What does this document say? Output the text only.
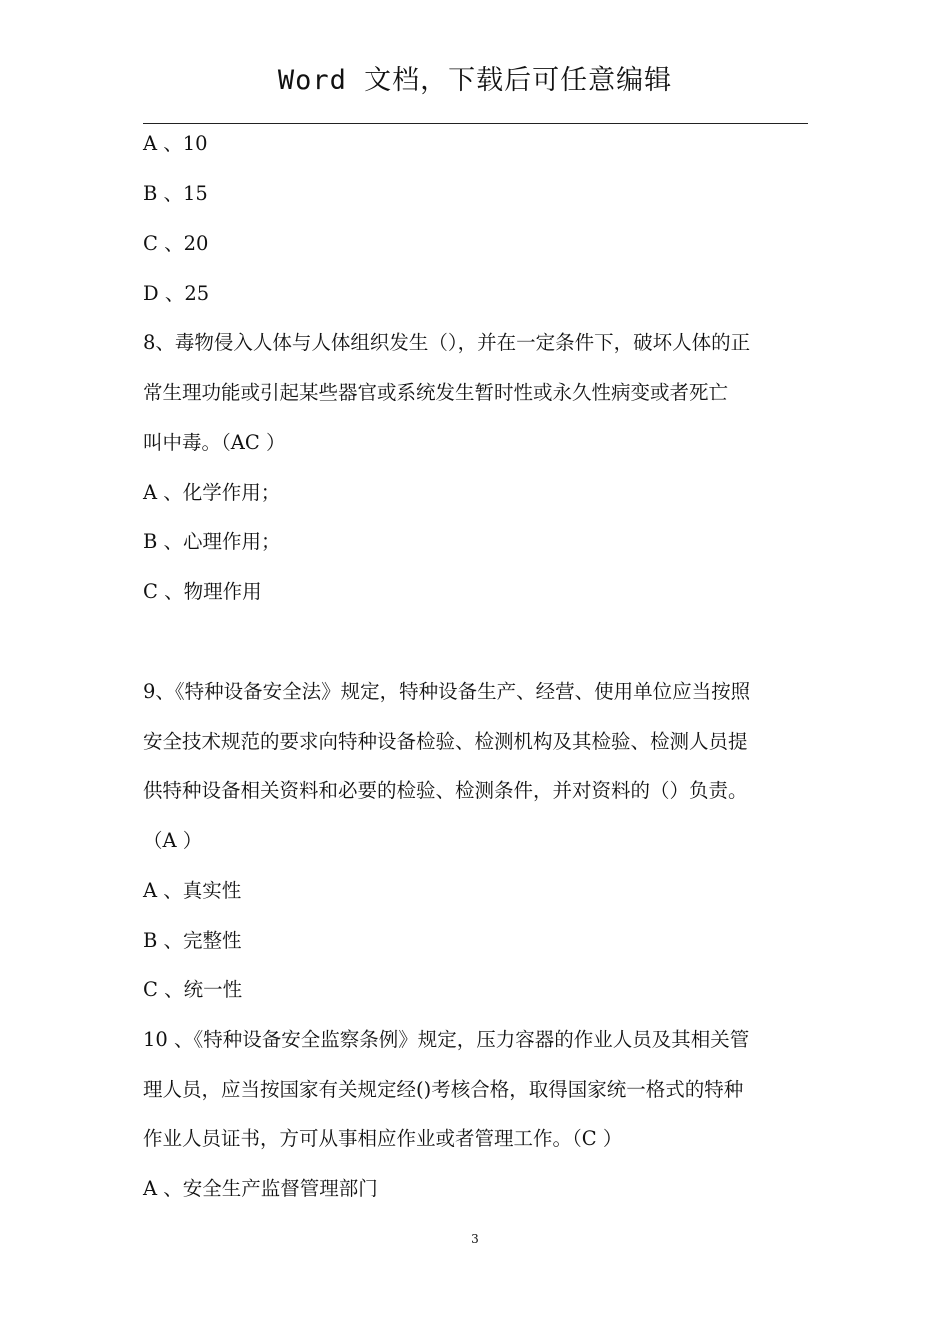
Word 文档，下载后可任意编辑
A 、10
B 、15
C 、20
D 、25
8、毒物侵入人体与人体组织发生（），并在一定条件下，破坏人体的正
常生理功能或引起某些器官或系统发生暂时性或永久性病变或者死亡
叫中毒。（AC ）
A 、化学作用；
B 、心理作用；
C 、物理作用
9、《特种设备安全法》规定，特种设备生产、经营、使用单位应当按照
安全技术规范的要求向特种设备检验、检测机构及其检验、检测人员提
供特种设备相关资料和必要的检验、检测条件，并对资料的（）负责。
（A ）
A 、真实性
B 、完整性
C 、统一性
10 、《特种设备安全监察条例》规定，压力容器的作业人员及其相关管
理人员，应当按国家有关规定经()考核合格，取得国家统一格式的特种
作业人员证书，方可从事相应作业或者管理工作。（C ）
A 、安全生产监督管理部门
3
